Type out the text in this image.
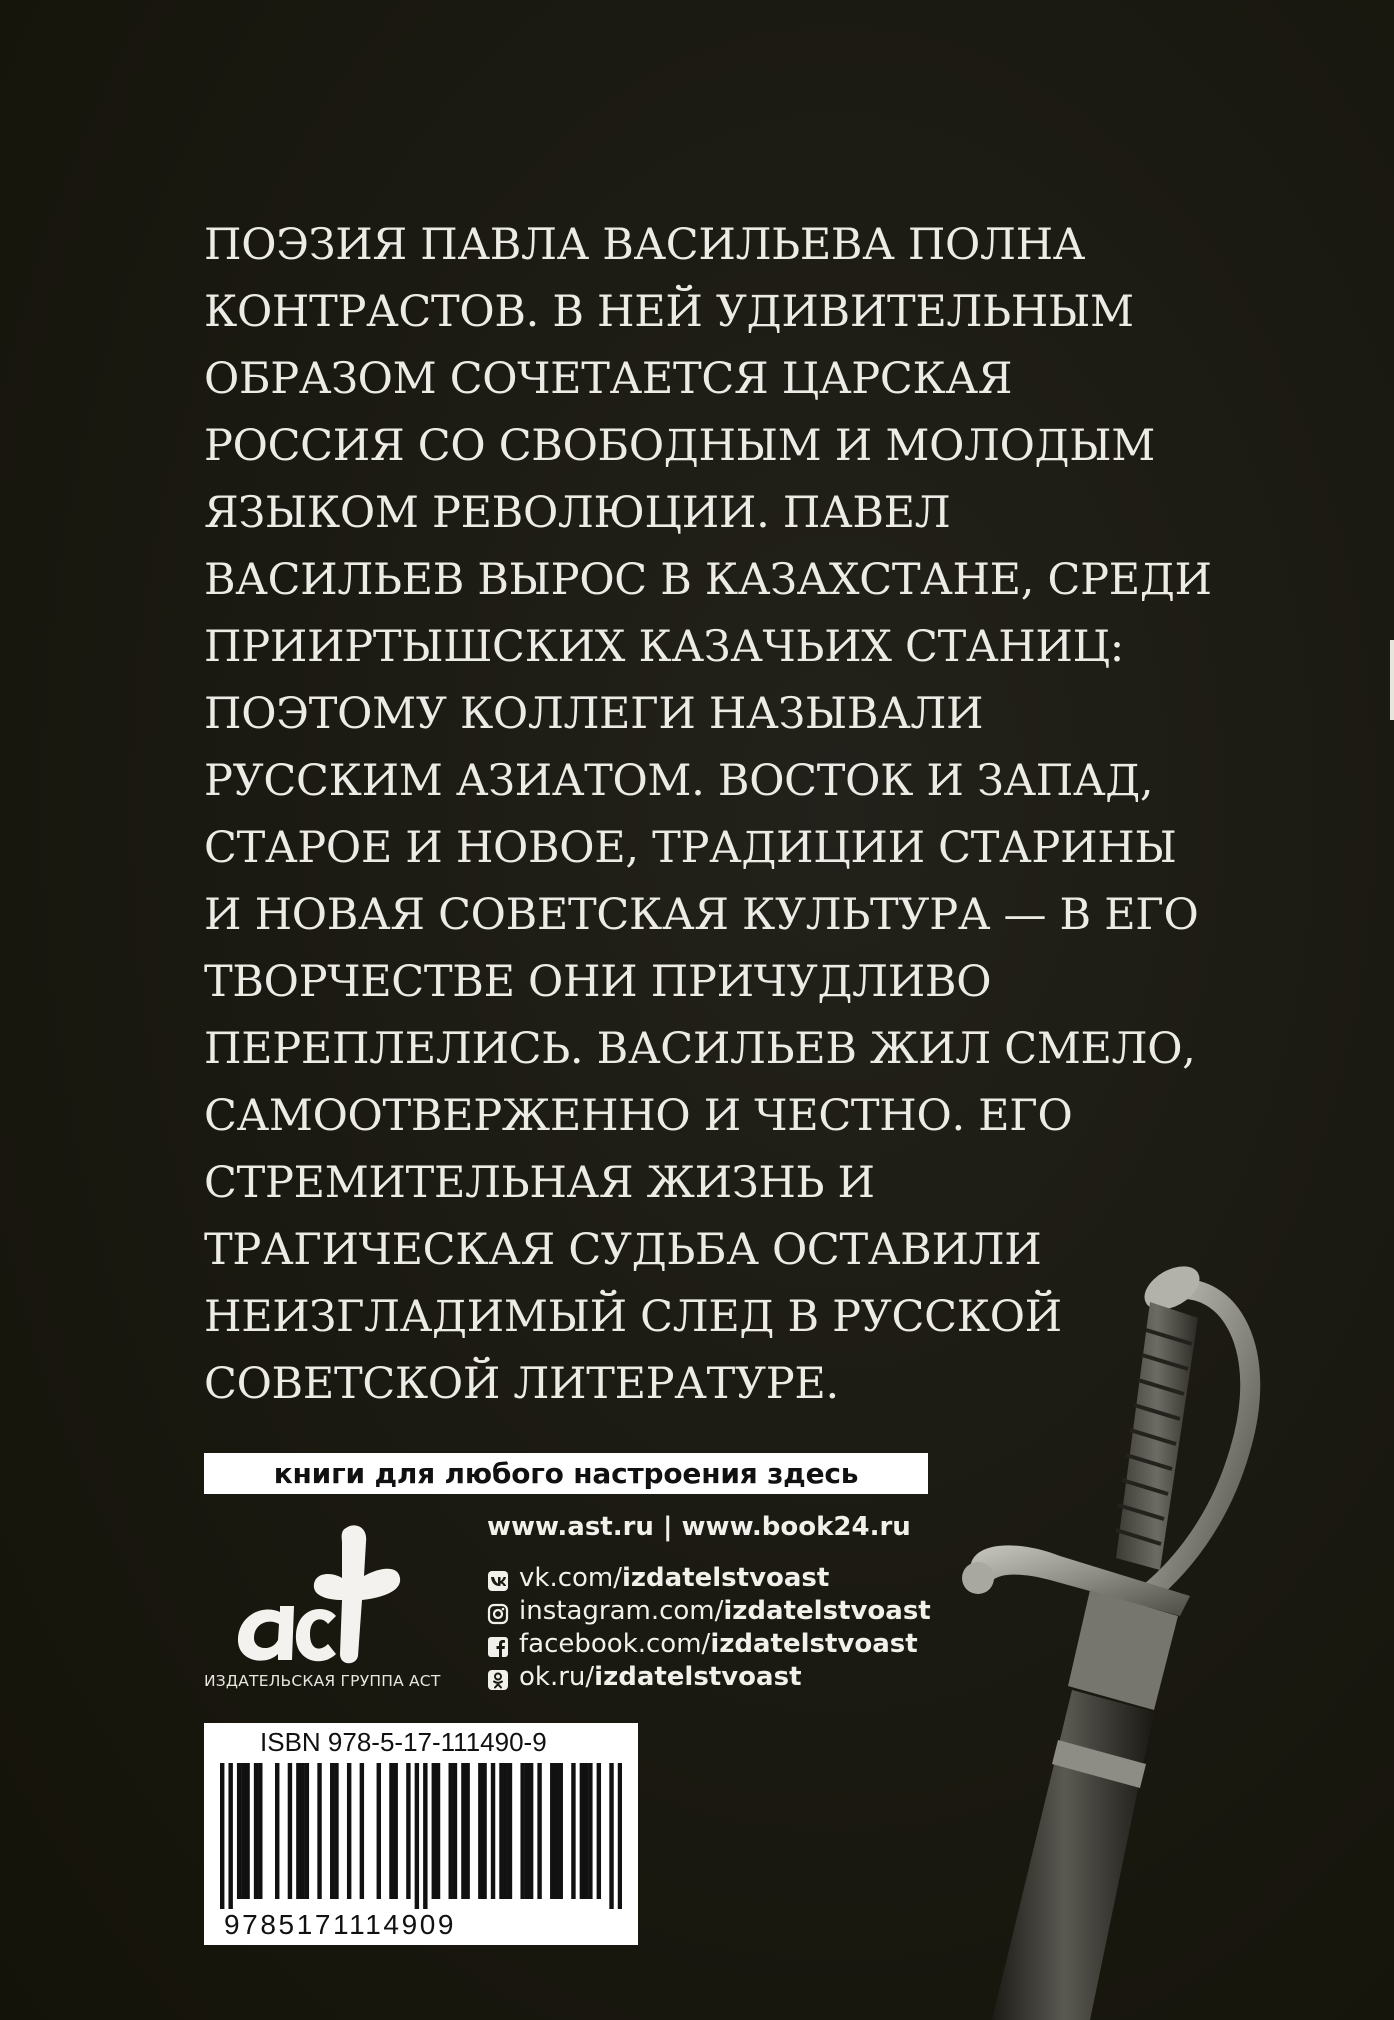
ПОЭЗИЯ ПАВЛА ВАСИЛЬЕВА ПОЛНА
КОНТРАСТОВ. В НЕЙ УДИВИТЕЛЬНЫМ
ОБРАЗОМ СОЧЕТАЕТСЯ ЦАРСКАЯ
РОССИЯ СО СВОБОДНЫМ И МОЛОДЫМ
ЯЗЫКОМ РЕВОЛЮЦИИ. ПАВЕЛ
ВАСИЛЬЕВ ВЫРОС В КАЗАХСТАНЕ, СРЕДИ
ПРИИРТЫШСКИХ КАЗАЧЬИХ СТАНИЦ:
ПОЭТОМУ КОЛЛЕГИ НАЗЫВАЛИ
РУССКИМ АЗИАТОМ. ВОСТОК И ЗАПАД,
СТАРОЕ И НОВОЕ, ТРАДИЦИИ СТАРИНЫ
И НОВАЯ СОВЕТСКАЯ КУЛЬТУРА — В ЕГО
ТВОРЧЕСТВЕ ОНИ ПРИЧУДЛИВО
ПЕРЕПЛЕЛИСЬ. ВАСИЛЬЕВ ЖИЛ СМЕЛО,
САМООТВЕРЖЕННО И ЧЕСТНО. ЕГО
СТРЕМИТЕЛЬНАЯ ЖИЗНЬ И
ТРАГИЧЕСКАЯ СУДЬБА ОСТАВИЛИ
НЕИЗГЛАДИМЫЙ СЛЕД В РУССКОЙ
СОВЕТСКОЙ ЛИТЕРАТУРЕ.
книги для любого настроения здесь
ИЗДАТЕЛЬСКАЯ ГРУППА АСТ
www.ast.ru | www.book24.ru
vk.com/ izdatelstvoast
instagram.com/ izdatelstvoast
facebook.com/ izdatelstvoast
ok.ru/ izdatelstvoast
ISBN 978-5-17-111490-9
9785171114909
